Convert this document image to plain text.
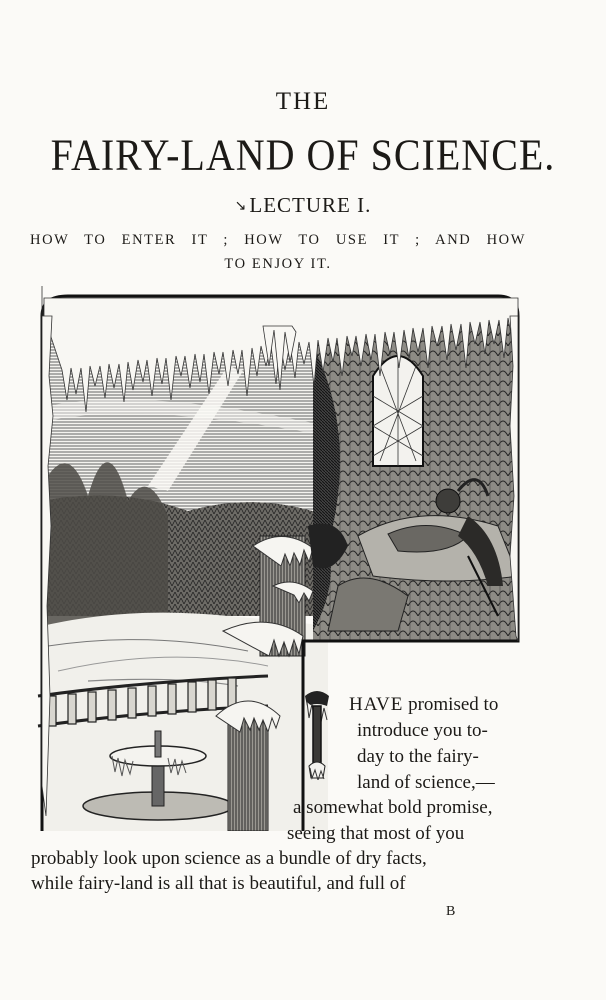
THE
FAIRY-LAND OF SCIENCE.
↘LECTURE I.
HOW TO ENTER IT ; HOW TO USE IT ; AND HOW
TO ENJOY IT.
HAVE promised to
introduce you to-
day to the fairy-
land of science,—
a somewhat bold promise,
seeing that most of you
probably look upon science as a bundle of dry facts,
while fairy-land is all that is beautiful, and full of
B
